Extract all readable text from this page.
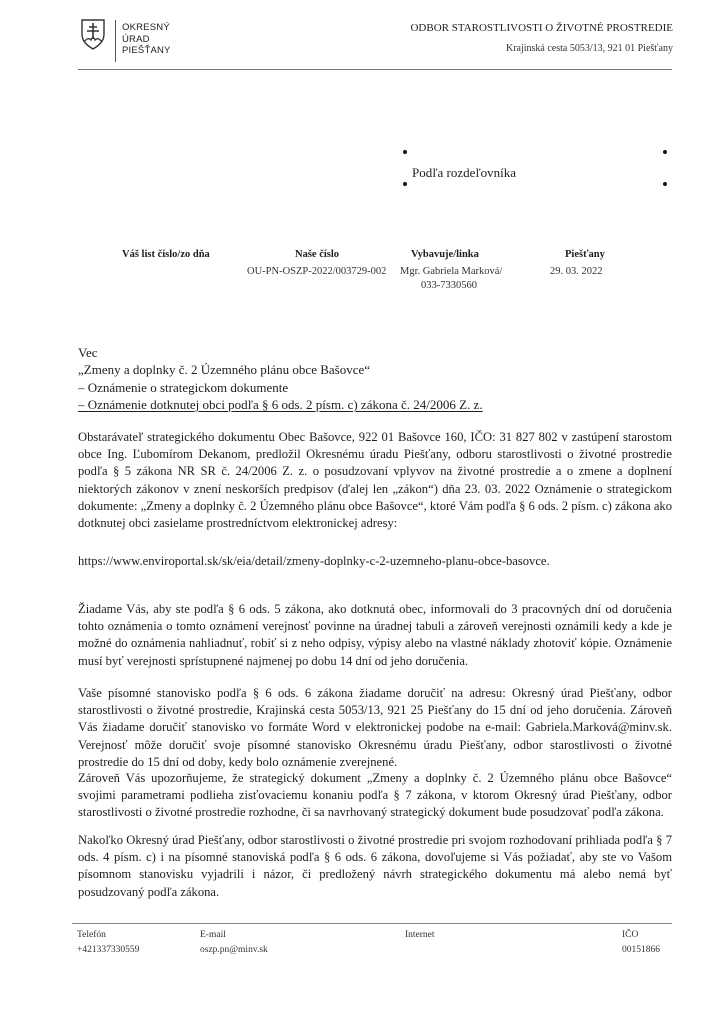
OKRESNÝ
ÚRAD
PIEŠŤANY
ODBOR STAROSTLIVOSTI O ŽIVOTNÉ PROSTREDIE
Krajinská cesta 5053/13, 921 01 Piešťany
Podľa rozdeľovníka
Váš list číslo/zo dňa	Naše číslo
OU-PN-OSZP-2022/003729-002
Vybavuje/linka
Mgr. Gabriela Marková/
033-7330560
Piešťany
29. 03. 2022
Vec
„Zmeny a doplnky č. 2 Územného plánu obce Bašovce“
– Oznámenie o strategickom dokumente
– Oznámenie dotknutej obci podľa § 6 ods. 2 písm. c) zákona č. 24/2006 Z. z.
Obstarávateľ strategického dokumentu Obec Bašovce, 922 01 Bašovce 160, IČO: 31 827 802 v zastúpení starostom obce Ing. Ľubomírom Dekanom, predložil Okresnému úradu Piešťany, odboru starostlivosti o životné prostredie podľa § 5 zákona NR SR č. 24/2006 Z. z. o posudzovaní vplyvov na životné prostredie a o zmene a doplnení niektorých zákonov v znení neskorších predpisov (ďalej len „zákon“) dňa 23. 03. 2022 Oznámenie o strategickom dokumente: „Zmeny a doplnky č. 2 Územného plánu obce Bašovce“, ktoré Vám podľa § 6 ods. 2 písm. c) zákona ako dotknutej obci zasielame prostredníctvom elektronickej adresy:
https://www.enviroportal.sk/sk/eia/detail/zmeny-doplnky-c-2-uzemneho-planu-obce-basovce.
Žiadame Vás, aby ste podľa § 6 ods. 5 zákona, ako dotknutá obec, informovali do 3 pracovných dní od doručenia tohto oznámenia o tomto oznámení verejnosť povinne na úradnej tabuli a zároveň verejnosti oznámili kedy a kde je možné do oznámenia nahliadnuť, robiť si z neho odpisy, výpisy alebo na vlastné náklady zhotoviť kópie. Oznámenie musí byť verejnosti sprístupnené najmenej po dobu 14 dní od jeho doručenia.
Vaše písomné stanovisko podľa § 6 ods. 6 zákona žiadame doručiť na adresu: Okresný úrad Piešťany, odbor starostlivosti o životné prostredie, Krajinská cesta 5053/13, 921 25 Piešťany do 15 dní od jeho doručenia. Zároveň Vás žiadame doručiť stanovisko vo formáte Word v elektronickej podobe na e-mail: Gabriela.Marková@minv.sk. Verejnosť môže doručiť svoje písomné stanovisko Okresnému úradu Piešťany, odbor starostlivosti o životné prostredie do 15 dní od doby, kedy bolo oznámenie zverejnené.
Zároveň Vás upozorňujeme, že strategický dokument „Zmeny a doplnky č. 2 Územného plánu obce Bašovce“ svojimi parametrami podlieha zisťovaciemu konaniu podľa § 7 zákona, v ktorom Okresný úrad Piešťany, odbor starostlivosti o životné prostredie rozhodne, či sa navrhovaný strategický dokument bude posudzovať podľa zákona.
Nakoľko Okresný úrad Piešťany, odbor starostlivosti o životné prostredie pri svojom rozhodovaní prihliada podľa § 7 ods. 4 písm. c) i na písomné stanoviská podľa § 6 ods. 6 zákona, dovoľujeme si Vás požiadať, aby ste vo Vašom písomnom stanovisku vyjadrili i názor, či predložený návrh strategického dokumentu má alebo nemá byť posudzovaný podľa zákona.
Telefón
+421337330559
E-mail
oszp.pn@minv.sk
Internet	IČO
00151866
